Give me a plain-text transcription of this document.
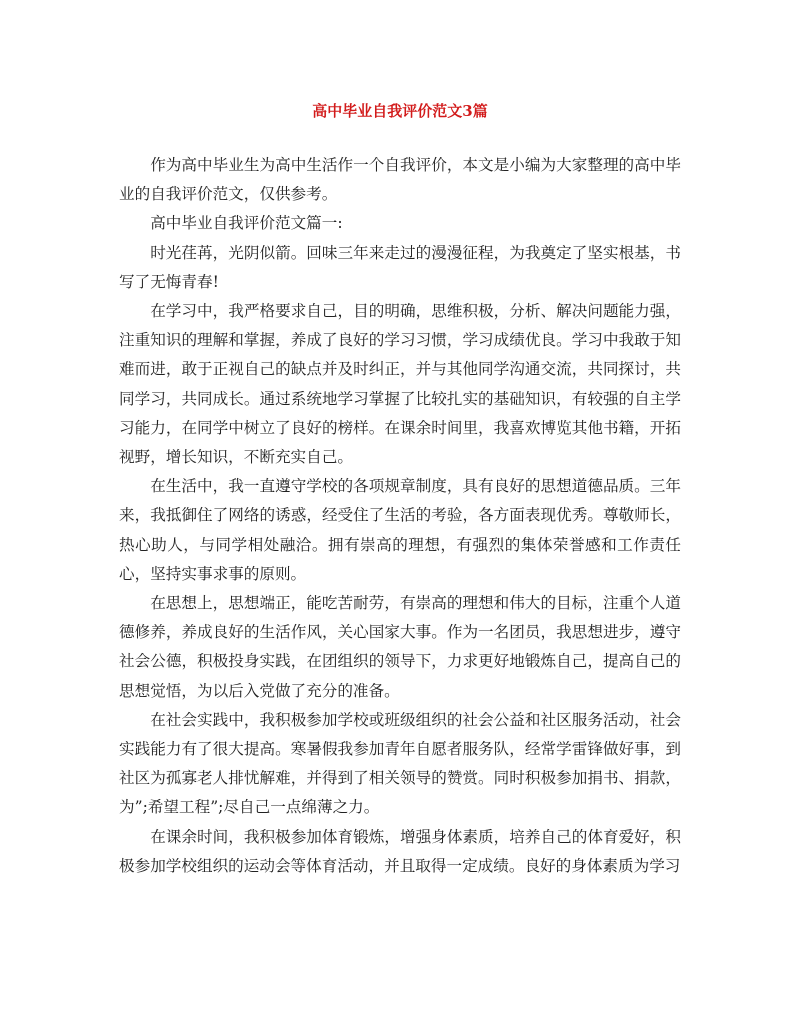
高中毕业自我评价范文3篇

作为高中毕业生为高中生活作一个自我评价，本文是小编为大家整理的高中毕业的自我评价范文，仅供参考。

高中毕业自我评价范文篇一:

时光荏苒，光阴似箭。回味三年来走过的漫漫征程，为我奠定了坚实根基，书写了无悔青春!

在学习中，我严格要求自己，目的明确，思维积极，分析、解决问题能力强，注重知识的理解和掌握，养成了良好的学习习惯，学习成绩优良。学习中我敢于知难而进，敢于正视自己的缺点并及时纠正，并与其他同学沟通交流，共同探讨，共同学习，共同成长。通过系统地学习掌握了比较扎实的基础知识，有较强的自主学习能力，在同学中树立了良好的榜样。在课余时间里，我喜欢博览其他书籍，开拓视野，增长知识，不断充实自己。

在生活中，我一直遵守学校的各项规章制度，具有良好的思想道德品质。三年来，我抵御住了网络的诱惑，经受住了生活的考验，各方面表现优秀。尊敬师长，热心助人，与同学相处融洽。拥有崇高的理想，有强烈的集体荣誉感和工作责任心，坚持实事求事的原则。

在思想上，思想端正，能吃苦耐劳，有崇高的理想和伟大的目标，注重个人道德修养，养成良好的生活作风，关心国家大事。作为一名团员，我思想进步，遵守社会公德，积极投身实践，在团组织的领导下，力求更好地锻炼自己，提高自己的思想觉悟，为以后入党做了充分的准备。

在社会实践中，我积极参加学校或班级组织的社会公益和社区服务活动，社会实践能力有了很大提高。寒暑假我参加青年自愿者服务队，经常学雷锋做好事，到社区为孤寡老人排忧解难，并得到了相关领导的赞赏。同时积极参加捐书、捐款，为”;希望工程”;尽自己一点绵薄之力。

在课余时间，我积极参加体育锻炼，增强身体素质，培养自己的体育爱好，积极参加学校组织的运动会等体育活动，并且取得一定成绩。良好的身体素质为学习
